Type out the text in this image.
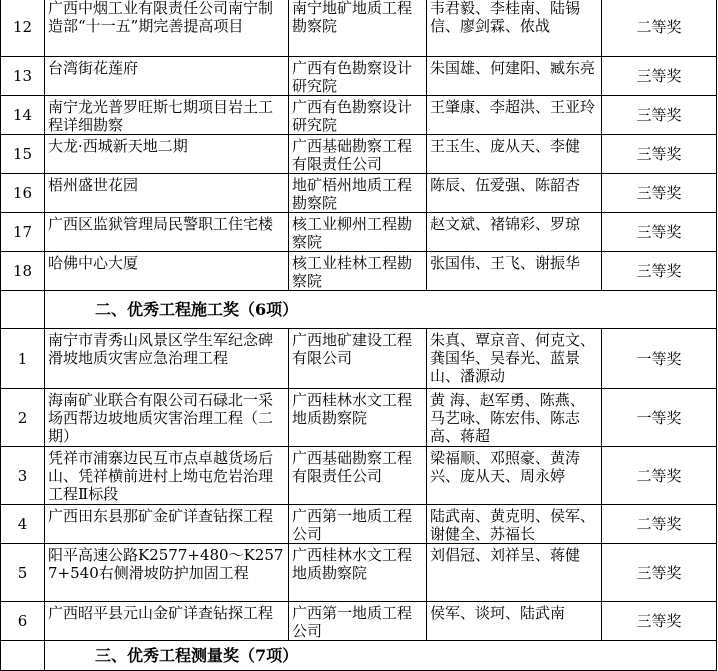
12	广西中烟工业有限责任公司南宁制造部“十一五”期完善提高项目	南宁地矿地质工程勘察院	韦君毅、李桂南、陆锡信、廖剑霖、侬战	二等奖
13	台湾街花莲府	广西有色勘察设计研究院	朱国雄、何建阳、臧东亮	三等奖
14	南宁龙光普罗旺斯七期项目岩土工程详细勘察	广西有色勘察设计研究院	王肇康、李超洪、王亚玲	三等奖
15	大龙·西城新天地二期	广西基础勘察工程有限责任公司	王玉生、庞从天、李健	三等奖
16	梧州盛世花园	地矿梧州地质工程勘察院	陈辰、伍爱强、陈韶杏	三等奖
17	广西区监狱管理局民警职工住宅楼	核工业柳州工程勘察院	赵文斌、褚锦彩、罗琼	三等奖
18	哈佛中心大厦	核工业桂林工程勘察院	张国伟、王飞、谢振华	三等奖
	二、优秀工程施工奖（6项）			
1	南宁市青秀山风景区学生军纪念碑滑坡地质灾害应急治理工程	广西地矿建设工程有限公司	朱真、覃京音、何克文、龚国华、吴春光、蓝景山、潘源动	一等奖
2	海南矿业联合有限公司石碌北一采场西帮边坡地质灾害治理工程（二期）	广西桂林水文工程地质勘察院	黄 海、赵军勇、陈燕、马艺咏、陈宏伟、陈志高、蒋超	一等奖
3	凭祥市浦寨边民互市点卓越货场后山、凭祥横前进村上坳屯危岩治理工程Ⅱ标段	广西基础勘察工程有限责任公司	梁福顺、邓照豪、黄涛兴、庞从天、周永婷	二等奖
4	广西田东县那矿金矿详查钻探工程	广西第一地质工程公司	陆武南、黄克明、侯军、谢健全、苏福长	二等奖
5	阳平高速公路K2577+480～K2577+540右侧滑坡防护加固工程	广西桂林水文工程地质勘察院	刘倡冠、刘祥呈、蒋健	三等奖
6	广西昭平县元山金矿详查钻探工程	广西第一地质工程公司	侯军、谈珂、陆武南	三等奖
	三、优秀工程测量奖（7项）			
